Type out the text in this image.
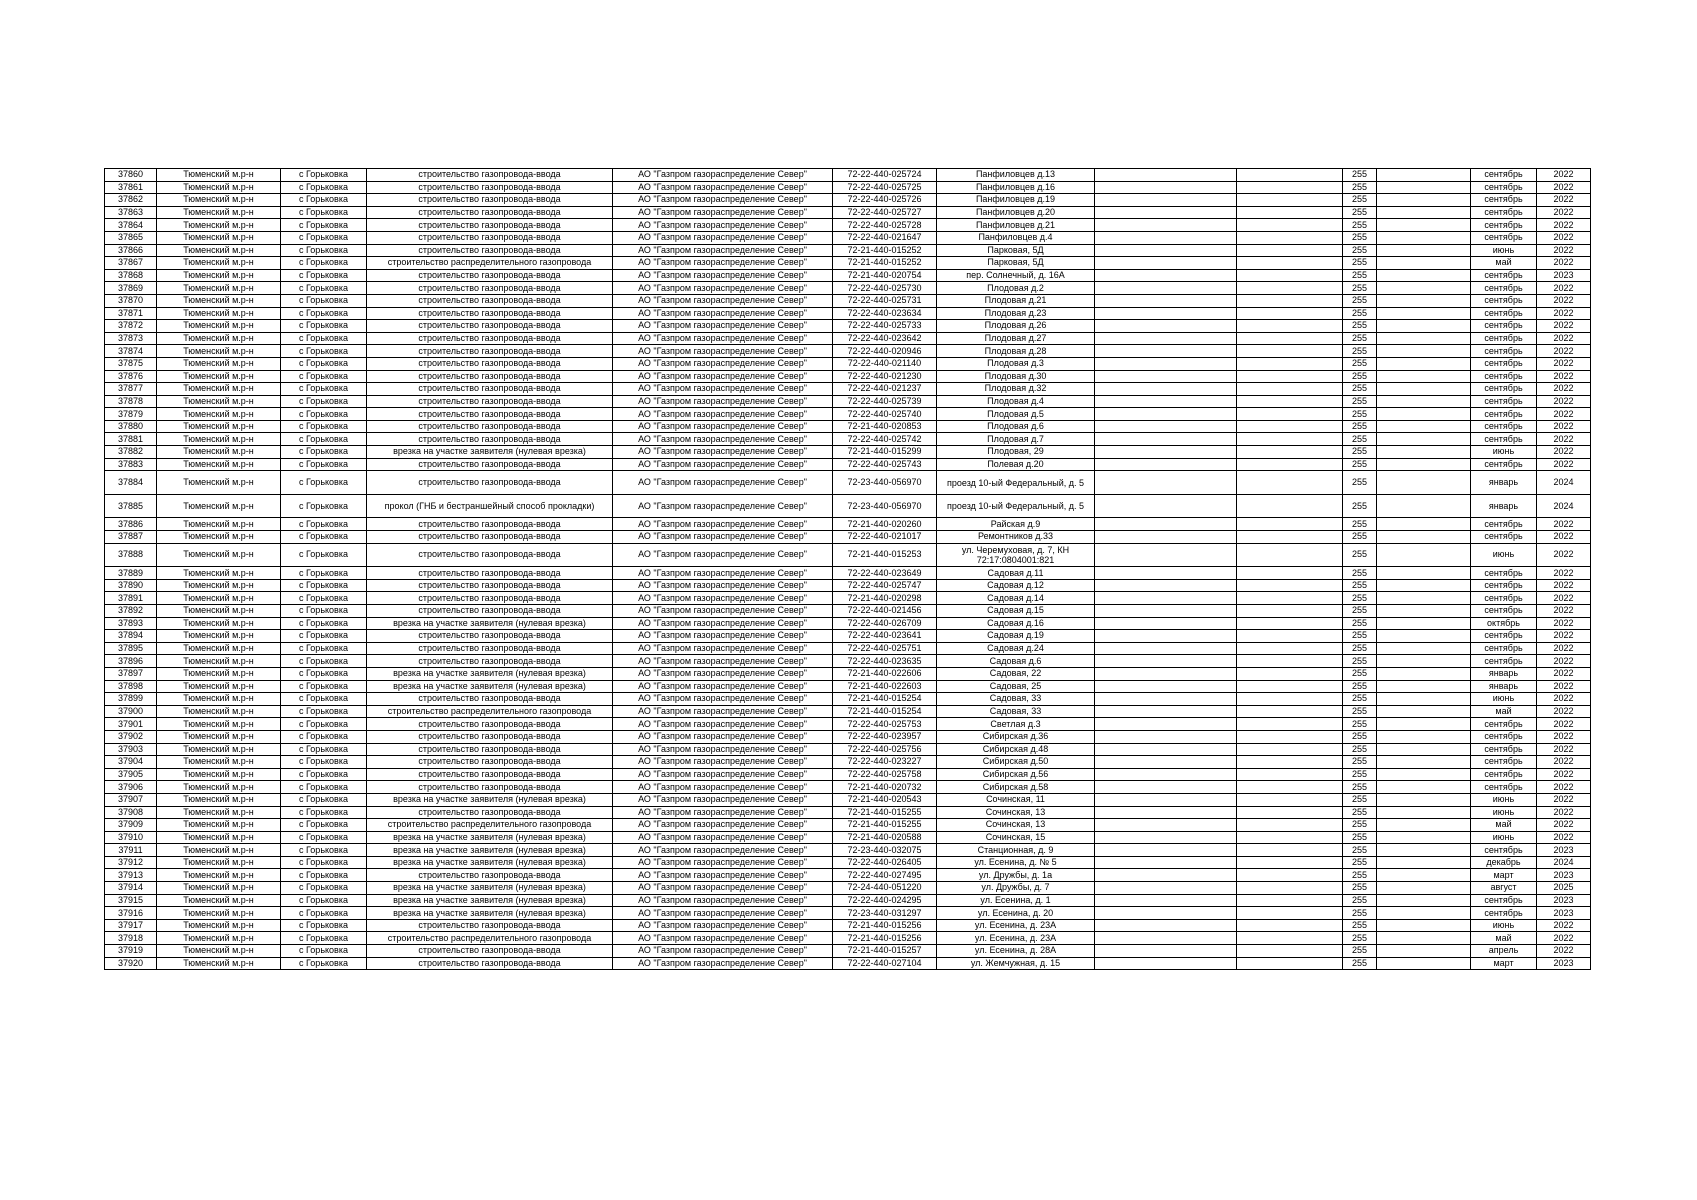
37860	Тюменский м.р-н	с Горьковка	строительство газопровода-ввода	АО "Газпром газораспределение Север"	72-22-440-025724	Панфиловцев д.13			255		сентябрь	2022
37861	Тюменский м.р-н	с Горьковка	строительство газопровода-ввода	АО "Газпром газораспределение Север"	72-22-440-025725	Панфиловцев д.16			255		сентябрь	2022
37862	Тюменский м.р-н	с Горьковка	строительство газопровода-ввода	АО "Газпром газораспределение Север"	72-22-440-025726	Панфиловцев д.19			255		сентябрь	2022
37863	Тюменский м.р-н	с Горьковка	строительство газопровода-ввода	АО "Газпром газораспределение Север"	72-22-440-025727	Панфиловцев д.20			255		сентябрь	2022
37864	Тюменский м.р-н	с Горьковка	строительство газопровода-ввода	АО "Газпром газораспределение Север"	72-22-440-025728	Панфиловцев д.21			255		сентябрь	2022
37865	Тюменский м.р-н	с Горьковка	строительство газопровода-ввода	АО "Газпром газораспределение Север"	72-22-440-021647	Панфиловцев д.4			255		сентябрь	2022
37866	Тюменский м.р-н	с Горьковка	строительство газопровода-ввода	АО "Газпром газораспределение Север"	72-21-440-015252	Парковая, 5Д			255		июнь	2022
37867	Тюменский м.р-н	с Горьковка	строительство распределительного газопровода	АО "Газпром газораспределение Север"	72-21-440-015252	Парковая, 5Д			255		май	2022
37868	Тюменский м.р-н	с Горьковка	строительство газопровода-ввода	АО "Газпром газораспределение Север"	72-21-440-020754	пер. Солнечный, д. 16А			255		сентябрь	2023
37869	Тюменский м.р-н	с Горьковка	строительство газопровода-ввода	АО "Газпром газораспределение Север"	72-22-440-025730	Плодовая д.2			255		сентябрь	2022
37870	Тюменский м.р-н	с Горьковка	строительство газопровода-ввода	АО "Газпром газораспределение Север"	72-22-440-025731	Плодовая д.21			255		сентябрь	2022
37871	Тюменский м.р-н	с Горьковка	строительство газопровода-ввода	АО "Газпром газораспределение Север"	72-22-440-023634	Плодовая д.23			255		сентябрь	2022
37872	Тюменский м.р-н	с Горьковка	строительство газопровода-ввода	АО "Газпром газораспределение Север"	72-22-440-025733	Плодовая д.26			255		сентябрь	2022
37873	Тюменский м.р-н	с Горьковка	строительство газопровода-ввода	АО "Газпром газораспределение Север"	72-22-440-023642	Плодовая д.27			255		сентябрь	2022
37874	Тюменский м.р-н	с Горьковка	строительство газопровода-ввода	АО "Газпром газораспределение Север"	72-22-440-020946	Плодовая д.28			255		сентябрь	2022
37875	Тюменский м.р-н	с Горьковка	строительство газопровода-ввода	АО "Газпром газораспределение Север"	72-22-440-021140	Плодовая д.3			255		сентябрь	2022
37876	Тюменский м.р-н	с Горьковка	строительство газопровода-ввода	АО "Газпром газораспределение Север"	72-22-440-021230	Плодовая д.30			255		сентябрь	2022
37877	Тюменский м.р-н	с Горьковка	строительство газопровода-ввода	АО "Газпром газораспределение Север"	72-22-440-021237	Плодовая д.32			255		сентябрь	2022
37878	Тюменский м.р-н	с Горьковка	строительство газопровода-ввода	АО "Газпром газораспределение Север"	72-22-440-025739	Плодовая д.4			255		сентябрь	2022
37879	Тюменский м.р-н	с Горьковка	строительство газопровода-ввода	АО "Газпром газораспределение Север"	72-22-440-025740	Плодовая д.5			255		сентябрь	2022
37880	Тюменский м.р-н	с Горьковка	строительство газопровода-ввода	АО "Газпром газораспределение Север"	72-21-440-020853	Плодовая д.6			255		сентябрь	2022
37881	Тюменский м.р-н	с Горьковка	строительство газопровода-ввода	АО "Газпром газораспределение Север"	72-22-440-025742	Плодовая д.7			255		сентябрь	2022
37882	Тюменский м.р-н	с Горьковка	врезка на участке заявителя (нулевая врезка)	АО "Газпром газораспределение Север"	72-21-440-015299	Плодовая, 29			255		июнь	2022
37883	Тюменский м.р-н	с Горьковка	строительство газопровода-ввода	АО "Газпром газораспределение Север"	72-22-440-025743	Полевая д.20			255		сентябрь	2022
37884	Тюменский м.р-н	с Горьковка	строительство газопровода-ввода	АО "Газпром газораспределение Север"	72-23-440-056970	проезд 10-ый Федеральный, д. 5			255		январь	2024
37885	Тюменский м.р-н	с Горьковка	прокол (ГНБ и бестраншейный способ прокладки)	АО "Газпром газораспределение Север"	72-23-440-056970	проезд 10-ый Федеральный, д. 5			255		январь	2024
37886	Тюменский м.р-н	с Горьковка	строительство газопровода-ввода	АО "Газпром газораспределение Север"	72-21-440-020260	Райская д.9			255		сентябрь	2022
37887	Тюменский м.р-н	с Горьковка	строительство газопровода-ввода	АО "Газпром газораспределение Север"	72-22-440-021017	Ремонтников д.33			255		сентябрь	2022
37888	Тюменский м.р-н	с Горьковка	строительство газопровода-ввода	АО "Газпром газораспределение Север"	72-21-440-015253	ул. Черемуховая, д. 7, КН 72:17:0804001:821			255		июнь	2022
37889	Тюменский м.р-н	с Горьковка	строительство газопровода-ввода	АО "Газпром газораспределение Север"	72-22-440-023649	Садовая д.11			255		сентябрь	2022
37890	Тюменский м.р-н	с Горьковка	строительство газопровода-ввода	АО "Газпром газораспределение Север"	72-22-440-025747	Садовая д.12			255		сентябрь	2022
37891	Тюменский м.р-н	с Горьковка	строительство газопровода-ввода	АО "Газпром газораспределение Север"	72-21-440-020298	Садовая д.14			255		сентябрь	2022
37892	Тюменский м.р-н	с Горьковка	строительство газопровода-ввода	АО "Газпром газораспределение Север"	72-22-440-021456	Садовая д.15			255		сентябрь	2022
37893	Тюменский м.р-н	с Горьковка	врезка на участке заявителя (нулевая врезка)	АО "Газпром газораспределение Север"	72-22-440-026709	Садовая д.16			255		октябрь	2022
37894	Тюменский м.р-н	с Горьковка	строительство газопровода-ввода	АО "Газпром газораспределение Север"	72-22-440-023641	Садовая д.19			255		сентябрь	2022
37895	Тюменский м.р-н	с Горьковка	строительство газопровода-ввода	АО "Газпром газораспределение Север"	72-22-440-025751	Садовая д.24			255		сентябрь	2022
37896	Тюменский м.р-н	с Горьковка	строительство газопровода-ввода	АО "Газпром газораспределение Север"	72-22-440-023635	Садовая д.6			255		сентябрь	2022
37897	Тюменский м.р-н	с Горьковка	врезка на участке заявителя (нулевая врезка)	АО "Газпром газораспределение Север"	72-21-440-022606	Садовая, 22			255		январь	2022
37898	Тюменский м.р-н	с Горьковка	врезка на участке заявителя (нулевая врезка)	АО "Газпром газораспределение Север"	72-21-440-022603	Садовая, 25			255		январь	2022
37899	Тюменский м.р-н	с Горьковка	строительство газопровода-ввода	АО "Газпром газораспределение Север"	72-21-440-015254	Садовая, 33			255		июнь	2022
37900	Тюменский м.р-н	с Горьковка	строительство распределительного газопровода	АО "Газпром газораспределение Север"	72-21-440-015254	Садовая, 33			255		май	2022
37901	Тюменский м.р-н	с Горьковка	строительство газопровода-ввода	АО "Газпром газораспределение Север"	72-22-440-025753	Светлая д.3			255		сентябрь	2022
37902	Тюменский м.р-н	с Горьковка	строительство газопровода-ввода	АО "Газпром газораспределение Север"	72-22-440-023957	Сибирская д.36			255		сентябрь	2022
37903	Тюменский м.р-н	с Горьковка	строительство газопровода-ввода	АО "Газпром газораспределение Север"	72-22-440-025756	Сибирская д.48			255		сентябрь	2022
37904	Тюменский м.р-н	с Горьковка	строительство газопровода-ввода	АО "Газпром газораспределение Север"	72-22-440-023227	Сибирская д.50			255		сентябрь	2022
37905	Тюменский м.р-н	с Горьковка	строительство газопровода-ввода	АО "Газпром газораспределение Север"	72-22-440-025758	Сибирская д.56			255		сентябрь	2022
37906	Тюменский м.р-н	с Горьковка	строительство газопровода-ввода	АО "Газпром газораспределение Север"	72-21-440-020732	Сибирская д.58			255		сентябрь	2022
37907	Тюменский м.р-н	с Горьковка	врезка на участке заявителя (нулевая врезка)	АО "Газпром газораспределение Север"	72-21-440-020543	Сочинская, 11			255		июнь	2022
37908	Тюменский м.р-н	с Горьковка	строительство газопровода-ввода	АО "Газпром газораспределение Север"	72-21-440-015255	Сочинская, 13			255		июнь	2022
37909	Тюменский м.р-н	с Горьковка	строительство распределительного газопровода	АО "Газпром газораспределение Север"	72-21-440-015255	Сочинская, 13			255		май	2022
37910	Тюменский м.р-н	с Горьковка	врезка на участке заявителя (нулевая врезка)	АО "Газпром газораспределение Север"	72-21-440-020588	Сочинская, 15			255		июнь	2022
37911	Тюменский м.р-н	с Горьковка	врезка на участке заявителя (нулевая врезка)	АО "Газпром газораспределение Север"	72-23-440-032075	Станционная, д. 9			255		сентябрь	2023
37912	Тюменский м.р-н	с Горьковка	врезка на участке заявителя (нулевая врезка)	АО "Газпром газораспределение Север"	72-22-440-026405	ул. Есенина, д. № 5			255		декабрь	2024
37913	Тюменский м.р-н	с Горьковка	строительство газопровода-ввода	АО "Газпром газораспределение Север"	72-22-440-027495	ул. Дружбы, д. 1а			255		март	2023
37914	Тюменский м.р-н	с Горьковка	врезка на участке заявителя (нулевая врезка)	АО "Газпром газораспределение Север"	72-24-440-051220	ул. Дружбы, д. 7			255		август	2025
37915	Тюменский м.р-н	с Горьковка	врезка на участке заявителя (нулевая врезка)	АО "Газпром газораспределение Север"	72-22-440-024295	ул. Есенина, д. 1			255		сентябрь	2023
37916	Тюменский м.р-н	с Горьковка	врезка на участке заявителя (нулевая врезка)	АО "Газпром газораспределение Север"	72-23-440-031297	ул. Есенина, д. 20			255		сентябрь	2023
37917	Тюменский м.р-н	с Горьковка	строительство газопровода-ввода	АО "Газпром газораспределение Север"	72-21-440-015256	ул. Есенина, д. 23А			255		июнь	2022
37918	Тюменский м.р-н	с Горьковка	строительство распределительного газопровода	АО "Газпром газораспределение Север"	72-21-440-015256	ул. Есенина, д. 23А			255		май	2022
37919	Тюменский м.р-н	с Горьковка	строительство газопровода-ввода	АО "Газпром газораспределение Север"	72-21-440-015257	ул. Есенина, д. 28А			255		апрель	2022
37920	Тюменский м.р-н	с Горьковка	строительство газопровода-ввода	АО "Газпром газораспределение Север"	72-22-440-027104	ул. Жемчужная, д. 15			255		март	2023
